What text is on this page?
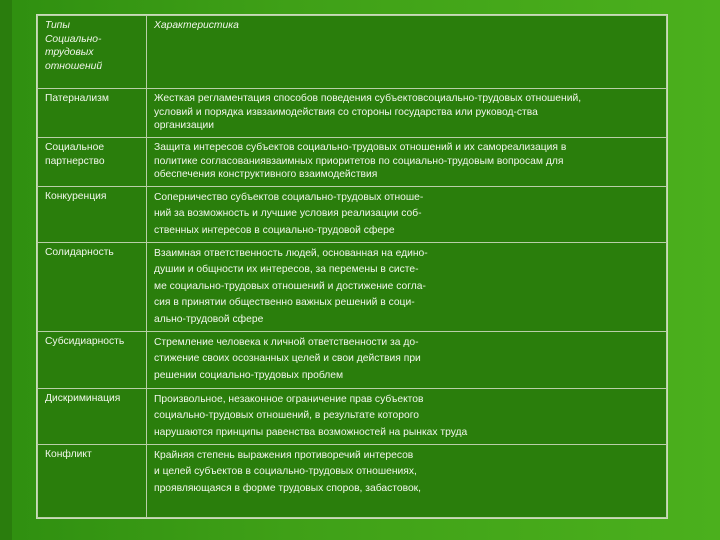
Типы
Социально-
трудовых
отношений	Характеристика

Патернализм	Жесткая регламентация способов поведения субъектовсоциально-трудовых отношений,
условий и порядка извзаимодействия со стороны государства или руковод-ства
организации

Социальное
партнерство	Защита интересов субъектов социально-трудовых отношений и их самореализация в
политике согласованиявзаимных приоритетов по социально-трудовым вопросам для
обеспечения конструктивного взаимодействия

Конкуренция	Соперничество субъектов социально-трудовых отноше-
ний за возможность и лучшие условия реализации соб-
ственных интересов в социально-трудовой сфере

Солидарность	Взаимная ответственность людей, основанная на едино-
душии и общности их интересов, за перемены в систе-
ме социально-трудовых отношений и достижение согла-
сия в принятии общественно важных решений в соци-
ально-трудовой сфере

Субсидиарность	Стремление человека к личной ответственности за до-
стижение своих осознанных целей и свои действия при
решении социально-трудовых проблем

Дискриминация	Произвольное, незаконное ограничение прав субъектов
социально-трудовых отношений, в результате которого
нарушаются принципы равенства возможностей на рынках труда

Конфликт	Крайняя степень выражения противоречий интересов
и целей субъектов в социально-трудовых отношениях,
проявляющаяся в форме трудовых споров, забастовок,
